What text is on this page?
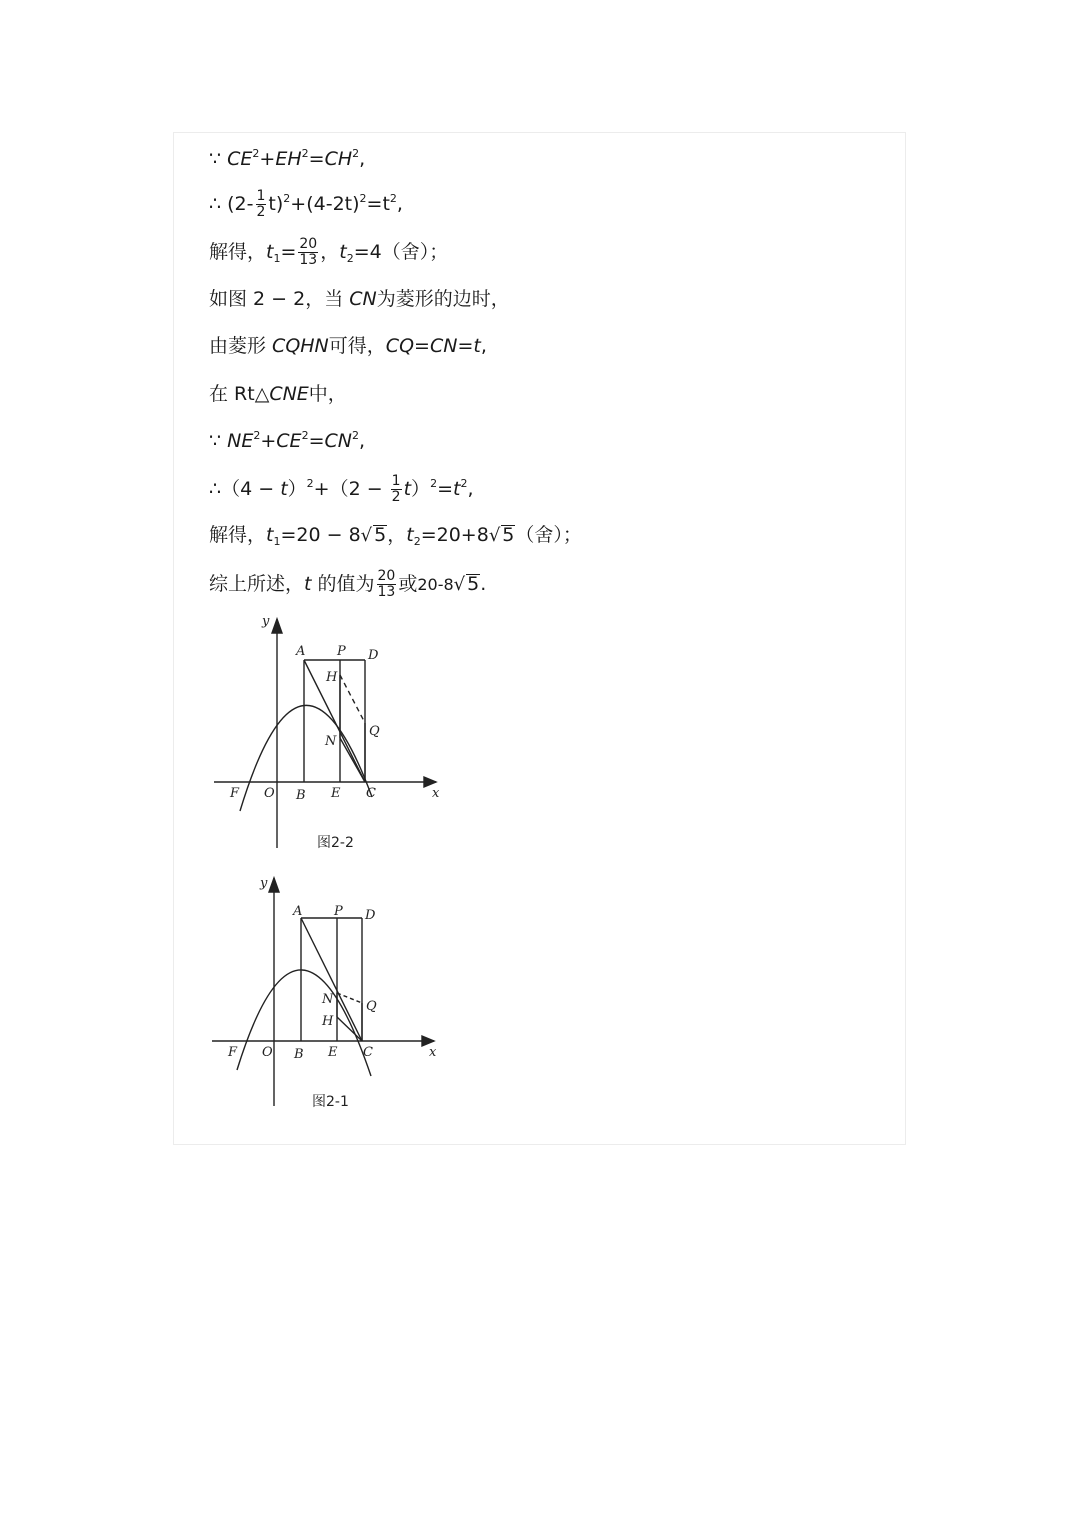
∵ $CE^2+EH^2=CH^2$,
∴ $(2- \frac{1}{2} t)^2+(4-2t)^2=t^2$,
解得，$t_1= \frac{20}{13}$ ，$t_2=4$（舍）；
如图 2 − 2，当 CN为菱形的边时，
由菱形 CQHN可得，CQ=CN=t,
在 Rt△CNE中，
∵ $NE^2+CE^2=CN^2$,
∴（4 − $t)^2+(2 - \frac{1}{2} t)^2=t^2$,
解得，$t_1=20 - 8√$ 5，$t_2=20+8√$ 5（舍）；
综上所述，t 的值为 $\frac{20}{13}$ 或20-8√ 5.
y
x
A P D
H
Q
N
F O B E C
图2-2
y
x
A P D
H
Q
N
F O B E C
图2-1
